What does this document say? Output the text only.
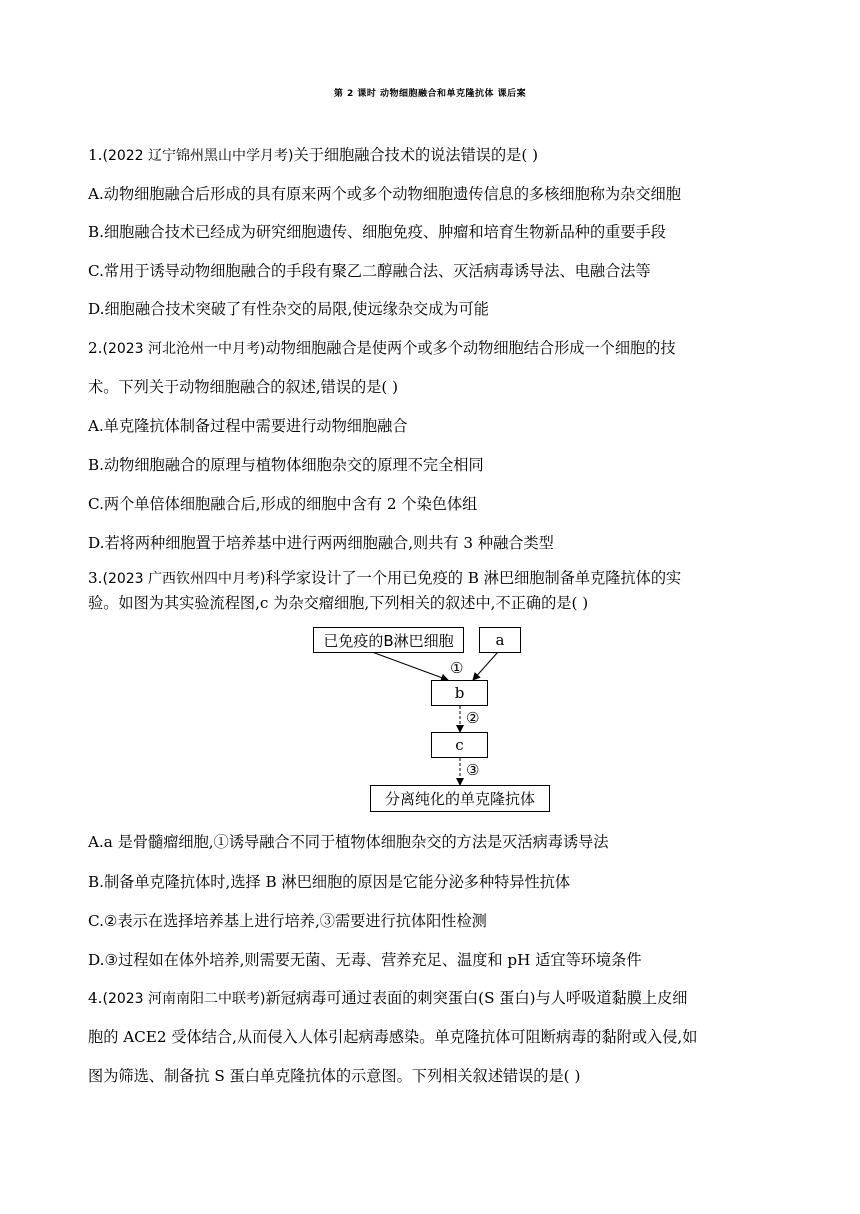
第 2 课时 动物细胞融合和单克隆抗体 课后案
1.(2022 辽宁锦州黑山中学月考)关于细胞融合技术的说法错误的是( )
A.动物细胞融合后形成的具有原来两个或多个动物细胞遗传信息的多核细胞称为杂交细胞
B.细胞融合技术已经成为研究细胞遗传、细胞免疫、肿瘤和培育生物新品种的重要手段
C.常用于诱导动物细胞融合的手段有聚乙二醇融合法、灭活病毒诱导法、电融合法等
D.细胞融合技术突破了有性杂交的局限,使远缘杂交成为可能
2.(2023 河北沧州一中月考)动物细胞融合是使两个或多个动物细胞结合形成一个细胞的技
术。下列关于动物细胞融合的叙述,错误的是( )
A.单克隆抗体制备过程中需要进行动物细胞融合
B.动物细胞融合的原理与植物体细胞杂交的原理不完全相同
C.两个单倍体细胞融合后,形成的细胞中含有 2 个染色体组
D.若将两种细胞置于培养基中进行两两细胞融合,则共有 3 种融合类型
3.(2023 广西钦州四中月考)科学家设计了一个用已免疫的 B 淋巴细胞制备单克隆抗体的实
验。如图为其实验流程图,c 为杂交瘤细胞,下列相关的叙述中,不正确的是( )
已免疫的B淋巴细胞	a
①
b
②
c
③
分离纯化的单克隆抗体
A.a 是骨髓瘤细胞,①诱导融合不同于植物体细胞杂交的方法是灭活病毒诱导法
B.制备单克隆抗体时,选择 B 淋巴细胞的原因是它能分泌多种特异性抗体
C.②表示在选择培养基上进行培养,③需要进行抗体阳性检测
D.③过程如在体外培养,则需要无菌、无毒、营养充足、温度和 pH 适宜等环境条件
4.(2023 河南南阳二中联考)新冠病毒可通过表面的刺突蛋白(S 蛋白)与人呼吸道黏膜上皮细
胞的 ACE2 受体结合,从而侵入人体引起病毒感染。单克隆抗体可阻断病毒的黏附或入侵,如
图为筛选、制备抗 S 蛋白单克隆抗体的示意图。下列相关叙述错误的是( )
